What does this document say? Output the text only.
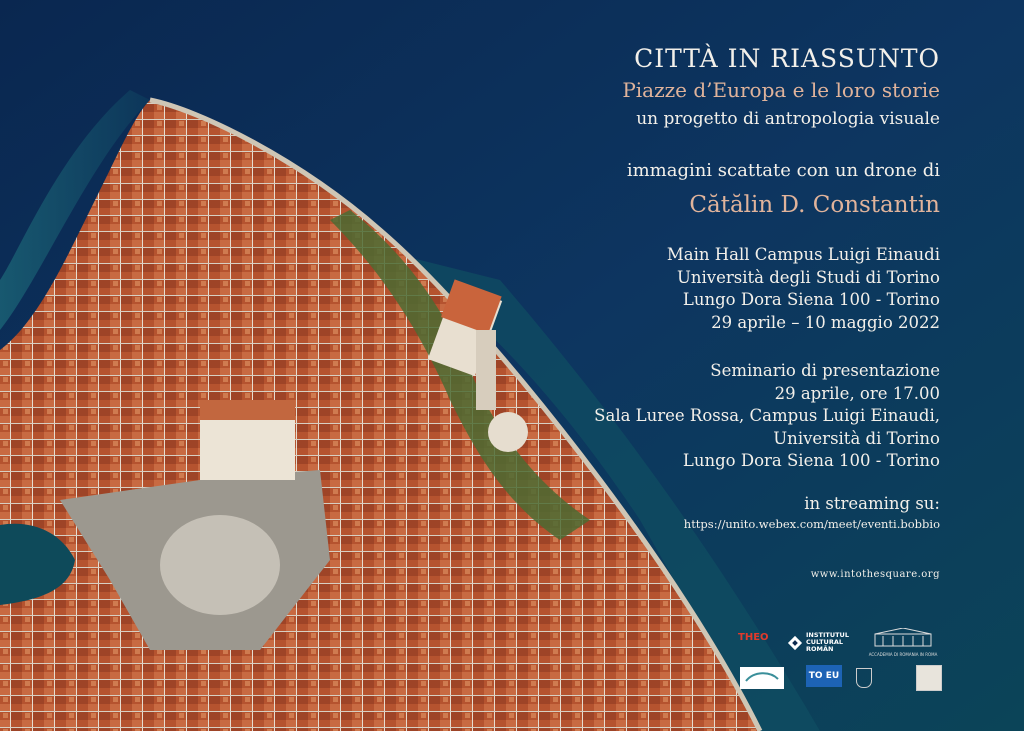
CITTÀ IN RIASSUNTO
Piazze d’Europa e le loro storie
un progetto di antropologia visuale
immagini scattate con un drone di
Cătălin D. Constantin
Main Hall Campus Luigi Einaudi
Università degli Studi di Torino
Lungo Dora Siena 100 - Torino
29 aprile – 10 maggio 2022
Seminario di presentazione
29 aprile, ore 17.00
Sala Luree Rossa, Campus Luigi Einaudi,
Università di Torino
Lungo Dora Siena 100 - Torino
in streaming su:
https://unito.webex.com/meet/eventi.bobbio
www.intothesquare.org
THEO	INSTITUTUL
CULTURAL
ROMÂN
ACCADEMIA DI ROMANIA IN ROMA
TO EU
